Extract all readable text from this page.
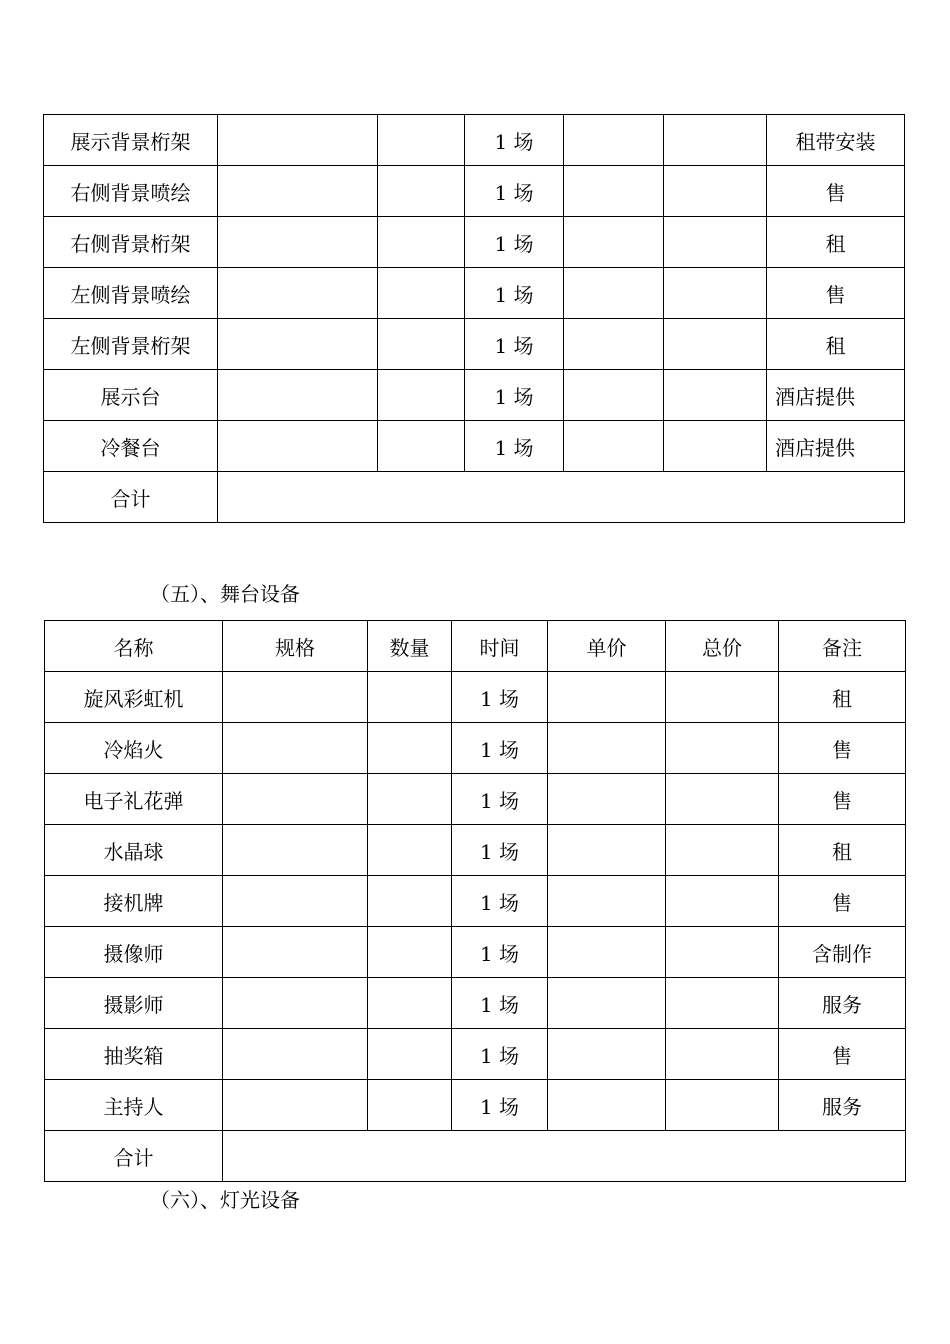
展示背景桁架			1 场			租带安装
右侧背景喷绘			1 场			售
右侧背景桁架			1 场			租
左侧背景喷绘			1 场			售
左侧背景桁架			1 场			租
展示台			1 场			酒店提供
冷餐台			1 场			酒店提供
合计						
（五）、舞台设备
名称	规格	数量	时间	单价	总价	备注
旋风彩虹机			1 场			租
冷焰火			1 场			售
电子礼花弹			1 场			售
水晶球			1 场			租
接机牌			1 场			售
摄像师			1 场			含制作
摄影师			1 场			服务
抽奖箱			1 场			售
主持人			1 场			服务
合计						
（六）、灯光设备
